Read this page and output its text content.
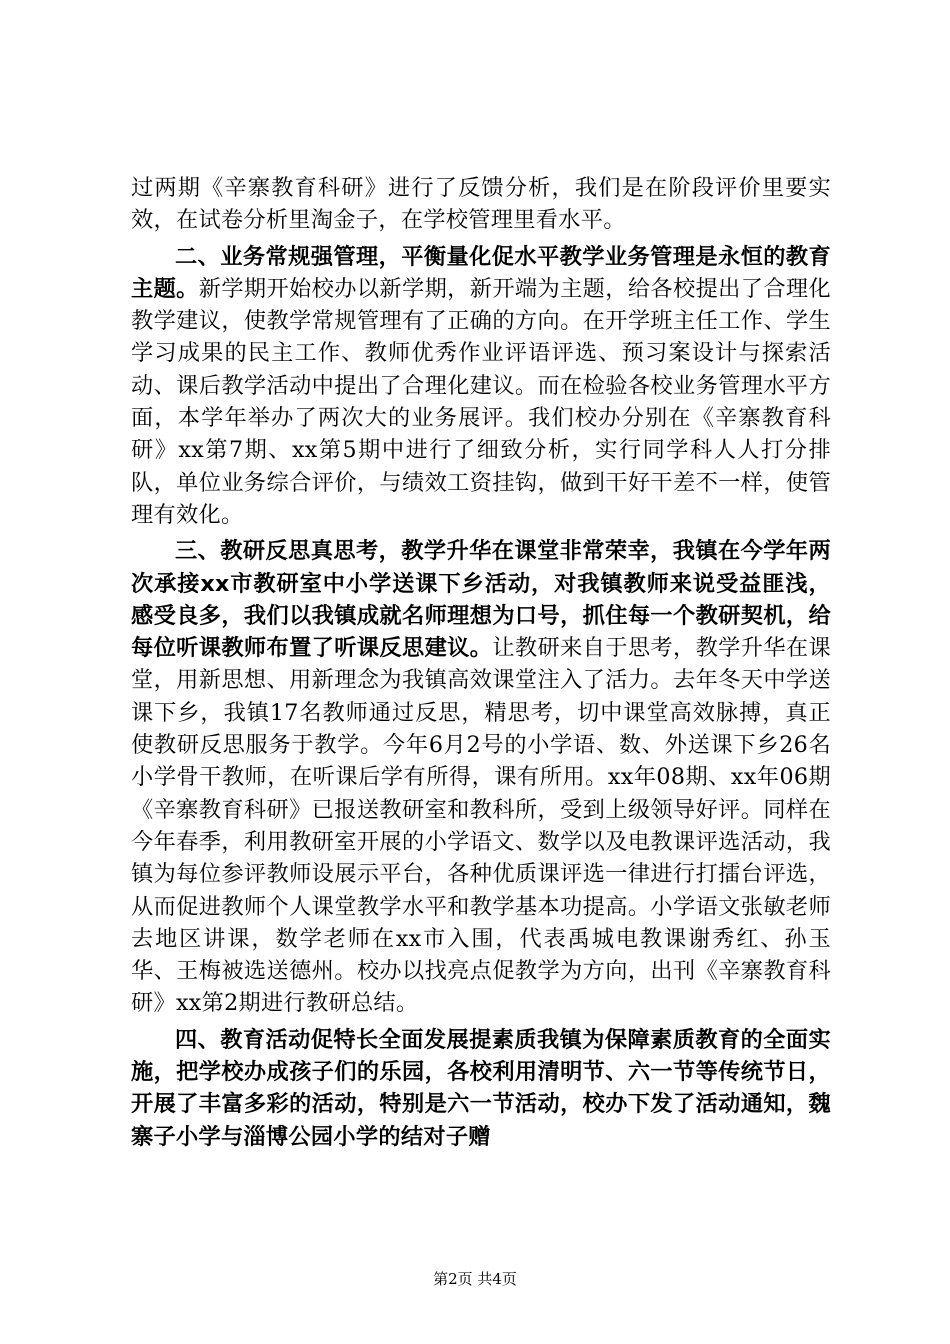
过两期《辛寨教育科研》进行了反馈分析，我们是在阶段评价里要实效，在试卷分析里淘金子，在学校管理里看水平。

二、业务常规强管理，平衡量化促水平教学业务管理是永恒的教育主题。新学期开始校办以新学期，新开端为主题，给各校提出了合理化教学建议，使教学常规管理有了正确的方向。在开学班主任工作、学生学习成果的民主工作、教师优秀作业评语评选、预习案设计与探索活动、课后教学活动中提出了合理化建议。而在检验各校业务管理水平方面，本学年举办了两次大的业务展评。我们校办分别在《辛寨教育科研》xx第7期、xx第5期中进行了细致分析，实行同学科人人打分排队，单位业务综合评价，与绩效工资挂钩，做到干好干差不一样，使管理有效化。

三、教研反思真思考，教学升华在课堂非常荣幸，我镇在今学年两次承接xx市教研室中小学送课下乡活动，对我镇教师来说受益匪浅，感受良多，我们以我镇成就名师理想为口号，抓住每一个教研契机，给每位听课教师布置了听课反思建议。让教研来自于思考，教学升华在课堂，用新思想、用新理念为我镇高效课堂注入了活力。去年冬天中学送课下乡，我镇17名教师通过反思，精思考，切中课堂高效脉搏，真正使教研反思服务于教学。今年6月2号的小学语、数、外送课下乡26名小学骨干教师，在听课后学有所得，课有所用。xx年08期、xx年06期《辛寨教育科研》已报送教研室和教科所，受到上级领导好评。同样在今年春季，利用教研室开展的小学语文、数学以及电教课评选活动，我镇为每位参评教师设展示平台，各种优质课评选一律进行打擂台评选，从而促进教师个人课堂教学水平和教学基本功提高。小学语文张敏老师去地区讲课，数学老师在xx市入围，代表禹城电教课谢秀红、孙玉华、王梅被选送德州。校办以找亮点促教学为方向，出刊《辛寨教育科研》xx第2期进行教研总结。

四、教育活动促特长全面发展提素质我镇为保障素质教育的全面实施，把学校办成孩子们的乐园，各校利用清明节、六一节等传统节日，开展了丰富多彩的活动，特别是六一节活动，校办下发了活动通知，魏寨子小学与淄博公园小学的结对子赠

第2页 共4页
